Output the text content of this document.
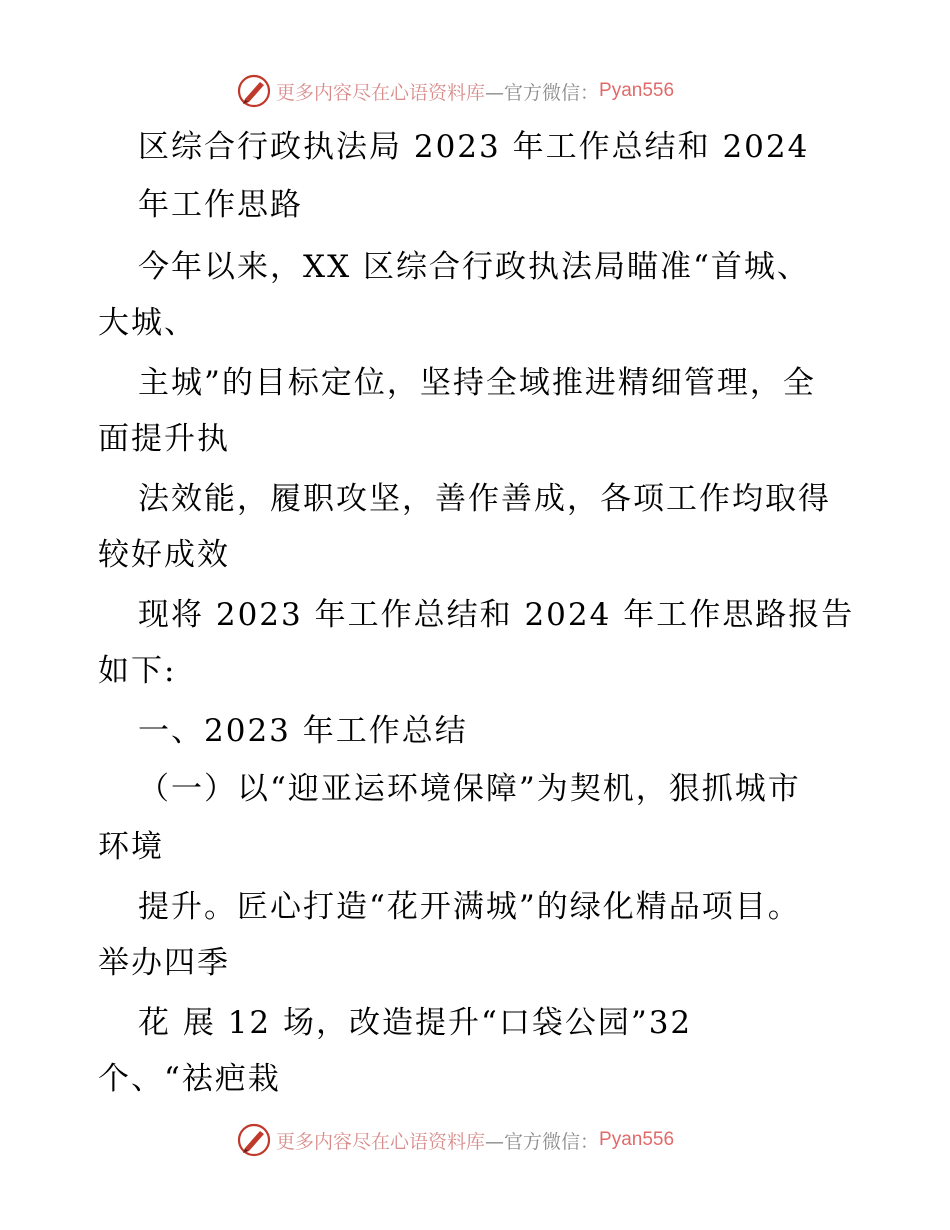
更多内容尽在心语资料库 —官方微信： Pyan556

区综合行政执法局 2023 年工作总结和 2024

年工作思路

今年以来，XX 区综合行政执法局瞄准“首城、

大城、

主城”的目标定位，坚持全域推进精细管理，全

面提升执

法效能，履职攻坚，善作善成，各项工作均取得

较好成效

现将 2023 年工作总结和 2024 年工作思路报告

如下:

一、2023 年工作总结

（一）以“迎亚运环境保障”为契机，狠抓城市

环境

提升。匠心打造“花开满城”的绿化精品项目。

举办四季

花 展 12 场，改造提升“口袋公园”32

个、“祛疤栽

更多内容尽在心语资料库 —官方微信： Pyan556
